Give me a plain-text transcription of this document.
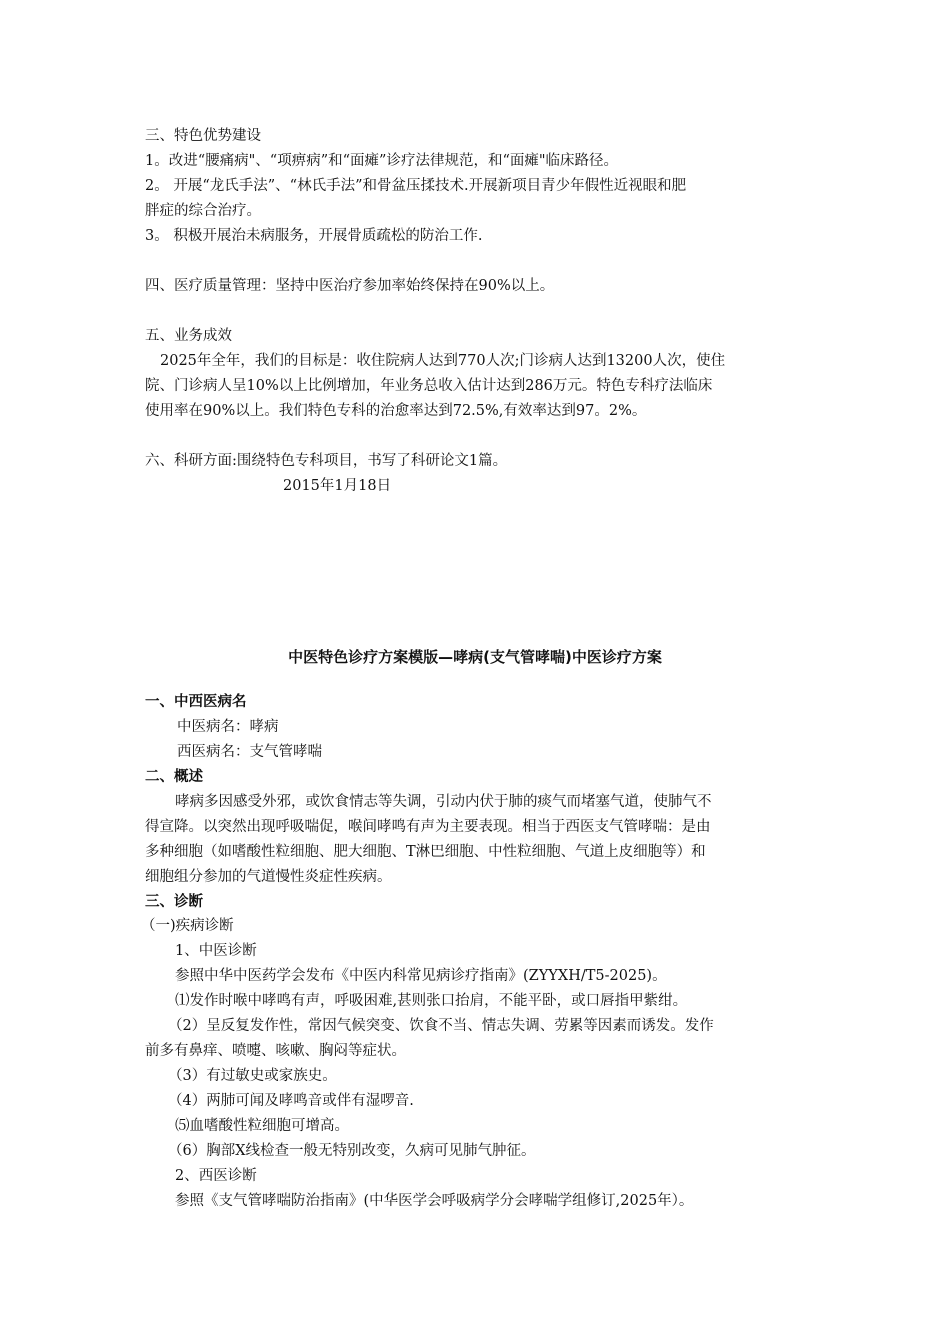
三、特色优势建设
1。改进“腰痛病"、“项痹病”和“面瘫”诊疗法律规范，和“面瘫"临床路径。
2。 开展“龙氏手法”、“林氏手法”和骨盆压揉技术.开展新项目青少年假性近视眼和肥
胖症的综合治疗。
3。 积极开展治未病服务，开展骨质疏松的防治工作.
四、医疗质量管理：坚持中医治疗参加率始终保持在90%以上。
五、业务成效
2025年全年，我们的目标是：收住院病人达到770人次;门诊病人达到13200人次，使住
院、门诊病人呈10%以上比例增加，年业务总收入估计达到286万元。特色专科疗法临床
使用率在90%以上。我们特色专科的治愈率达到72.5%,有效率达到97。2%。
六、科研方面:围绕特色专科项目，书写了科研论文1篇。
2015年1月18日
中医特色诊疗方案模版—哮病(支气管哮喘)中医诊疗方案
一、中西医病名
中医病名：哮病
西医病名：支气管哮喘
二、概述
哮病多因感受外邪，或饮食情志等失调，引动内伏于肺的痰气而堵塞气道，使肺气不
得宣降。以突然出现呼吸喘促，喉间哮鸣有声为主要表现。相当于西医支气管哮喘：是由
多种细胞（如嗜酸性粒细胞、肥大细胞、T淋巴细胞、中性粒细胞、气道上皮细胞等）和
细胞组分参加的气道慢性炎症性疾病。
三、诊断
（一)疾病诊断
1、中医诊断
参照中华中医药学会发布《中医内科常见病诊疗指南》(ZYYXH/T5-2025)。
⑴发作时喉中哮鸣有声，呼吸困难,甚则张口抬肩，不能平卧，或口唇指甲紫绀。
（2）呈反复发作性，常因气候突变、饮食不当、情志失调、劳累等因素而诱发。发作
前多有鼻痒、喷嚏、咳嗽、胸闷等症状。
（3）有过敏史或家族史。
（4）两肺可闻及哮鸣音或伴有湿啰音.
⑸血嗜酸性粒细胞可增高。
（6）胸部X线检查一般无特别改变，久病可见肺气肿征。
2、西医诊断
参照《支气管哮喘防治指南》(中华医学会呼吸病学分会哮喘学组修订,2025年）。
